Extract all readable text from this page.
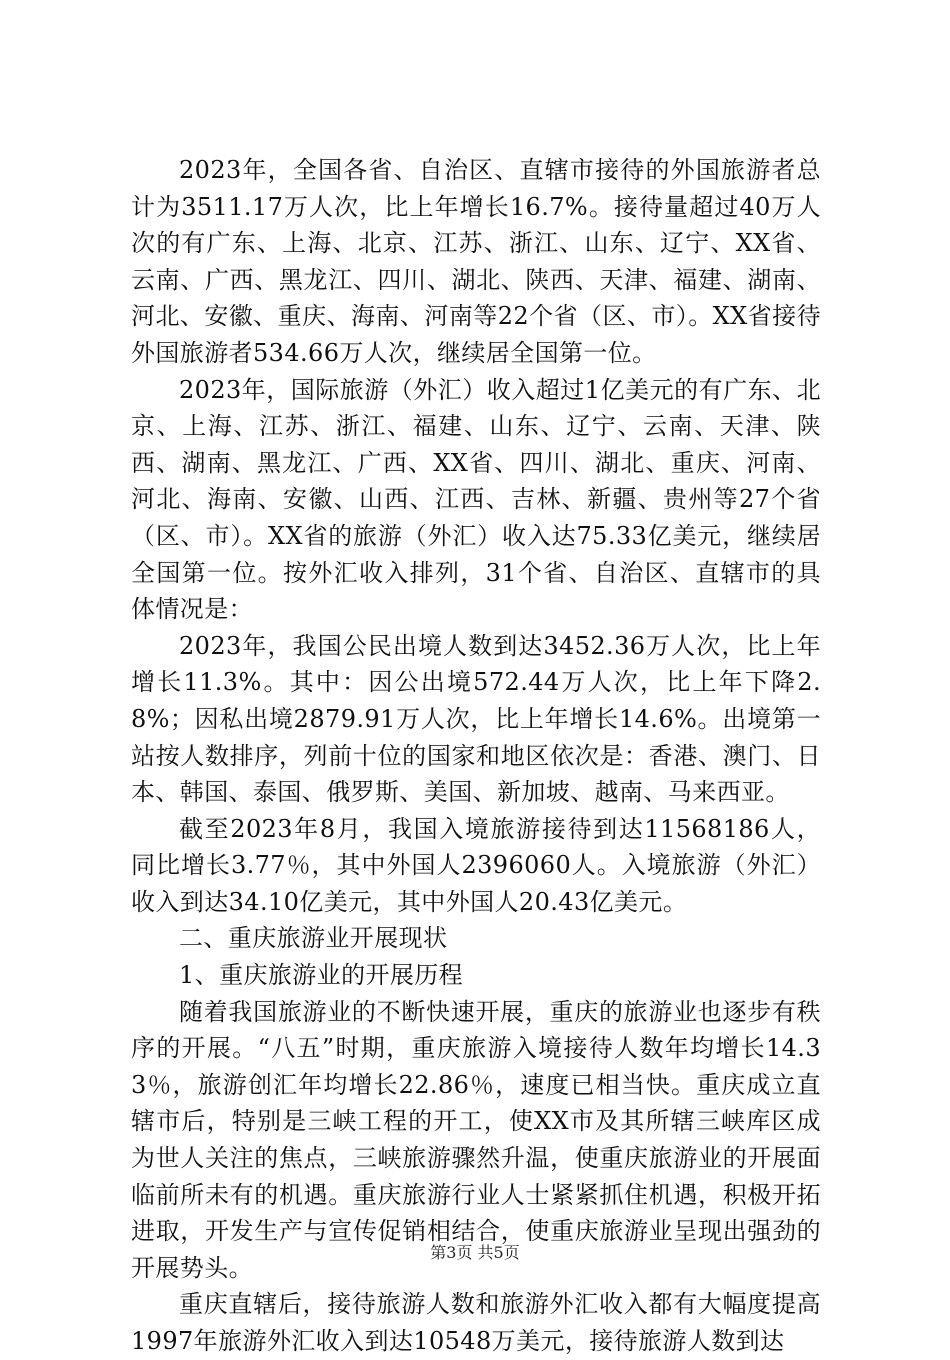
2023年，全国各省、自治区、直辖市接待的外国旅游者总计为3511.17万人次，比上年增长16.7%。接待量超过40万人次的有广东、上海、北京、江苏、浙江、山东、辽宁、XX省、云南、广西、黑龙江、四川、湖北、陕西、天津、福建、湖南、河北、安徽、重庆、海南、河南等22个省（区、市）。XX省接待外国旅游者534.66万人次，继续居全国第一位。

2023年，国际旅游（外汇）收入超过1亿美元的有广东、北京、上海、江苏、浙江、福建、山东、辽宁、云南、天津、陕西、湖南、黑龙江、广西、XX省、四川、湖北、重庆、河南、河北、海南、安徽、山西、江西、吉林、新疆、贵州等27个省（区、市）。XX省的旅游（外汇）收入达75.33亿美元，继续居全国第一位。按外汇收入排列，31个省、自治区、直辖市的具体情况是：

2023年，我国公民出境人数到达3452.36万人次，比上年增长11.3%。其中：因公出境572.44万人次，比上年下降2.8%；因私出境2879.91万人次，比上年增长14.6%。出境第一站按人数排序，列前十位的国家和地区依次是：香港、澳门、日本、韩国、泰国、俄罗斯、美国、新加坡、越南、马来西亚。

截至2023年8月，我国入境旅游接待到达11568186人，同比增长3.77％，其中外国人2396060人。入境旅游（外汇）收入到达34.10亿美元，其中外国人20.43亿美元。

二、重庆旅游业开展现状

1、重庆旅游业的开展历程

随着我国旅游业的不断快速开展，重庆的旅游业也逐步有秩序的开展。“八五”时期，重庆旅游入境接待人数年均增长14.33％，旅游创汇年均增长22.86％，速度已相当快。重庆成立直辖市后，特别是三峡工程的开工，使XX市及其所辖三峡库区成为世人关注的焦点，三峡旅游骤然升温，使重庆旅游业的开展面临前所未有的机遇。重庆旅游行业人士紧紧抓住机遇，积极开拓进取，开发生产与宣传促销相结合，使重庆旅游业呈现出强劲的开展势头。

重庆直辖后，接待旅游人数和旅游外汇收入都有大幅度提高1997年旅游外汇收入到达10548万美元，接待旅游人数到达

第3页 共5页
